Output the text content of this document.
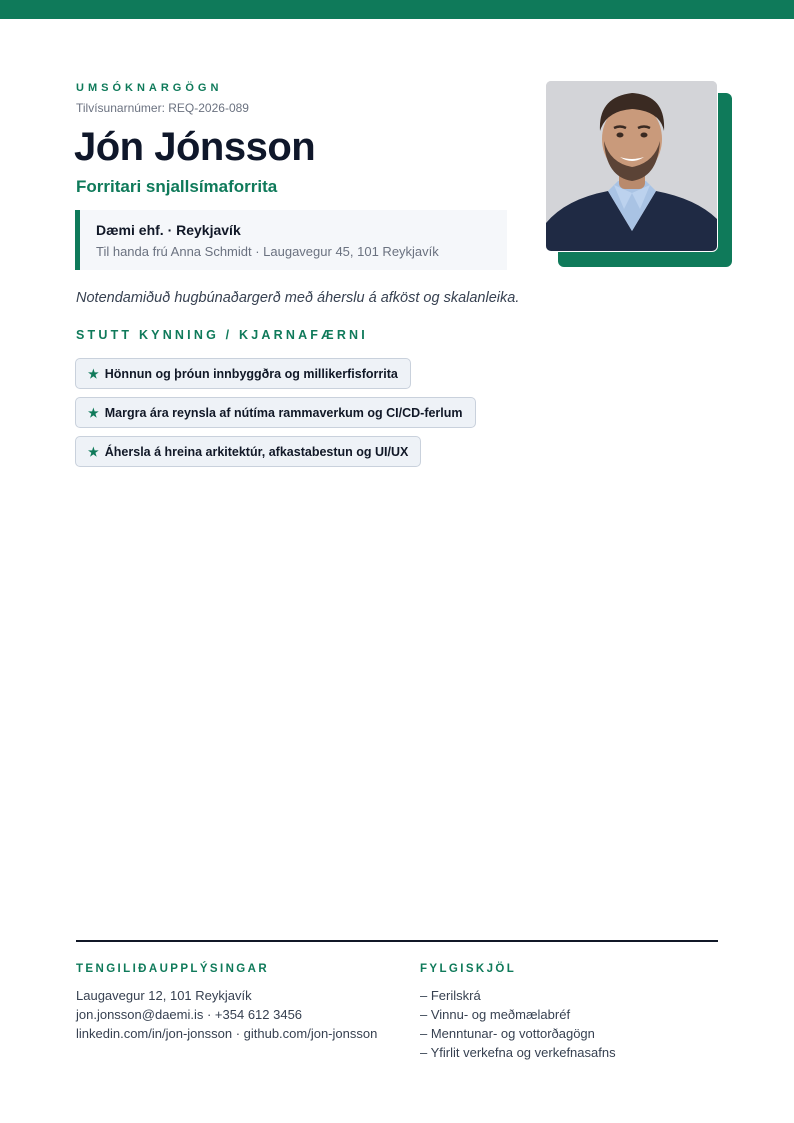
UMSÓKNARGÖGN
Tilvísunarnúmer: REQ-2026-089
Jón Jónsson
Forritari snjallsímaforrita
Dæmi ehf. · Reykjavík
Til handa frú Anna Schmidt · Laugavegur 45, 101 Reykjavík
Notendamiðuð hugbúnaðargerð með áherslu á afköst og skalanleika.
STUTT KYNNING / KJARNAFÆRNI
★ Hönnun og þróun innbyggðra og millikerfisforrita
★ Margra ára reynsla af nútíma rammaverkum og CI/CD-ferlum
★ Áhersla á hreina arkitektúr, afkastabestun og UI/UX
TENGILIÐAUPPLÝSINGAR
Laugavegur 12, 101 Reykjavík
jon.jonsson@daemi.is · +354 612 3456
linkedin.com/in/jon-jonsson · github.com/jon-jonsson
FYLGISKJÖL
– Ferilskrá
– Vinnu- og meðmælabréf
– Menntunar- og vottorðagögn
– Yfirlit verkefna og verkefnasafns
